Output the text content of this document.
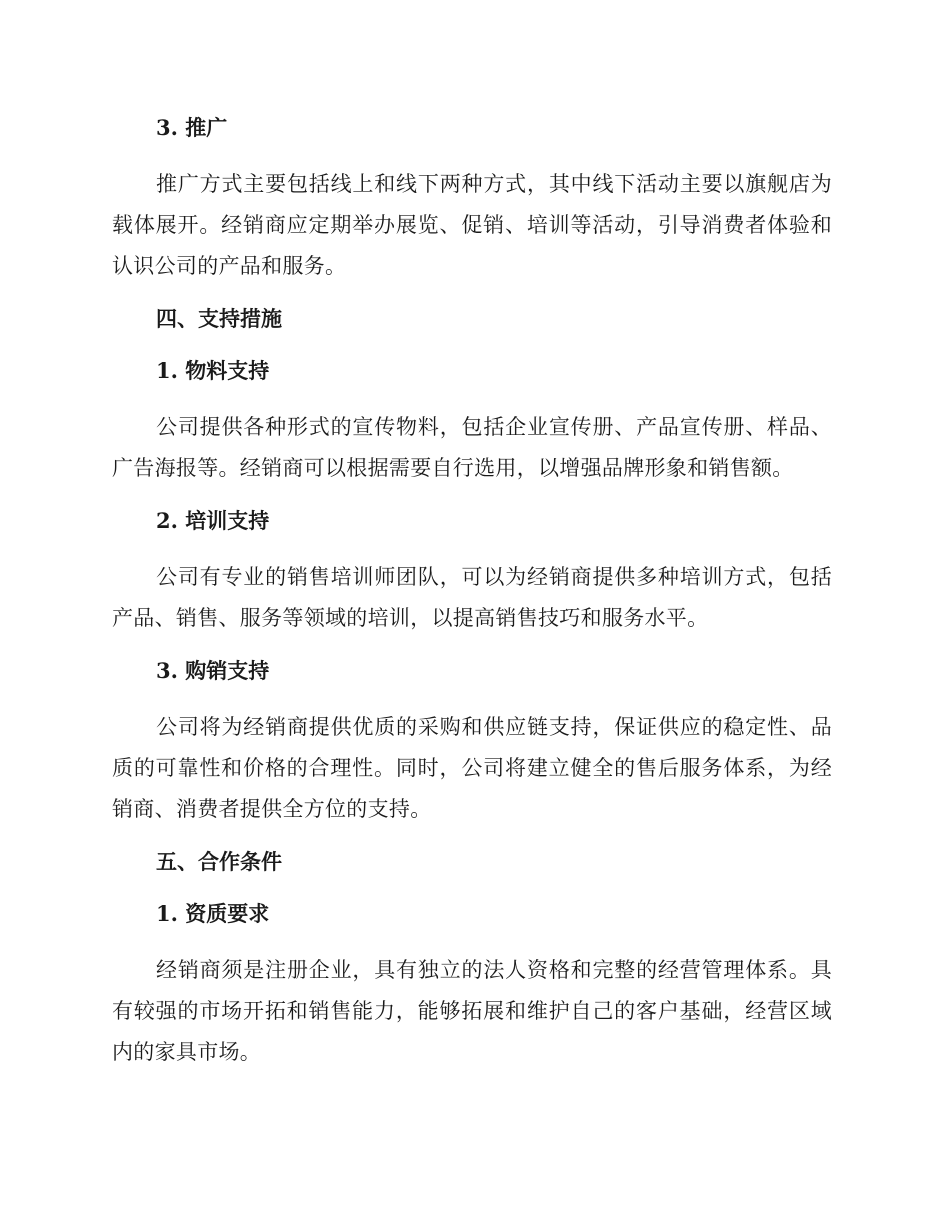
3. 推广

推广方式主要包括线上和线下两种方式，其中线下活动主要以旗舰店为载体展开。经销商应定期举办展览、促销、培训等活动，引导消费者体验和认识公司的产品和服务。

四、支持措施
1. 物料支持

公司提供各种形式的宣传物料，包括企业宣传册、产品宣传册、样品、广告海报等。经销商可以根据需要自行选用，以增强品牌形象和销售额。

2. 培训支持

公司有专业的销售培训师团队，可以为经销商提供多种培训方式，包括产品、销售、服务等领域的培训，以提高销售技巧和服务水平。

3. 购销支持

公司将为经销商提供优质的采购和供应链支持，保证供应的稳定性、品质的可靠性和价格的合理性。同时，公司将建立健全的售后服务体系，为经销商、消费者提供全方位的支持。

五、合作条件
1. 资质要求

经销商须是注册企业，具有独立的法人资格和完整的经营管理体系。具有较强的市场开拓和销售能力，能够拓展和维护自己的客户基础，经营区域内的家具市场。
